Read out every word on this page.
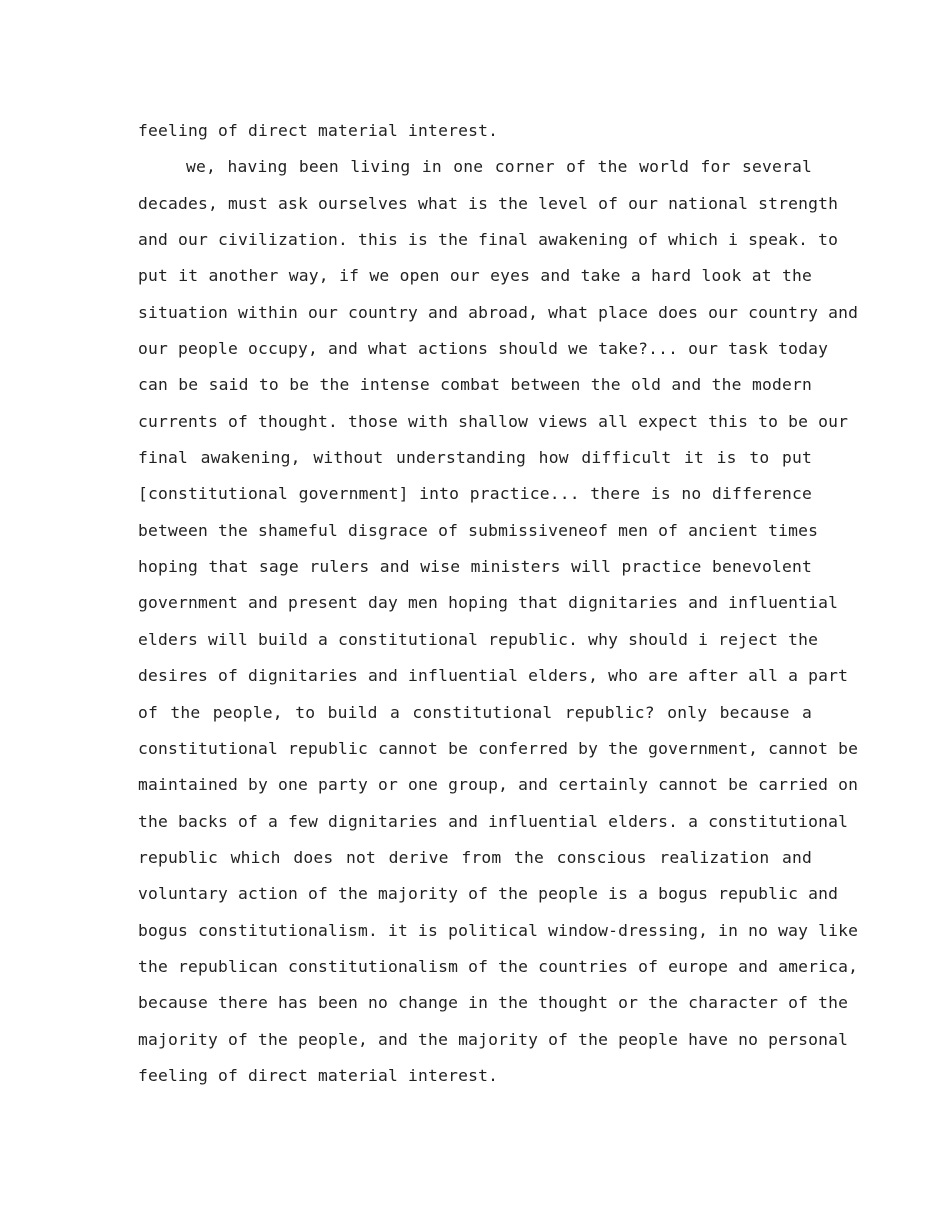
feeling of direct material interest.
we, having been living in one corner of the world for several
decades, must ask ourselves what is the level of our national strength
and our civilization. this is the final awakening of which i speak. to
put it another way, if we open our eyes and take a hard look at the
situation within our country and abroad, what place does our country and
our people occupy, and what actions should we take?... our task today
can be said to be the intense combat between the old and the modern
currents of thought. those with shallow views all expect this to be our
final awakening, without understanding how difficult it is to put
[constitutional government] into practice... there is no difference
between the shameful disgrace of submissiveneof men of ancient times
hoping that sage rulers and wise ministers will practice benevolent
government and present day men hoping that dignitaries and influential
elders will build a constitutional republic. why should i reject the
desires of dignitaries and influential elders, who are after all a part
of the people, to build a constitutional republic? only because a
constitutional republic cannot be conferred by the government, cannot be
maintained by one party or one group, and certainly cannot be carried on
the backs of a few dignitaries and influential elders. a constitutional
republic which does not derive from the conscious realization and
voluntary action of the majority of the people is a bogus republic and
bogus constitutionalism. it is political window-dressing, in no way like
the republican constitutionalism of the countries of europe and america,
because there has been no change in the thought or the character of the
majority of the people, and the majority of the people have no personal
feeling of direct material interest.
